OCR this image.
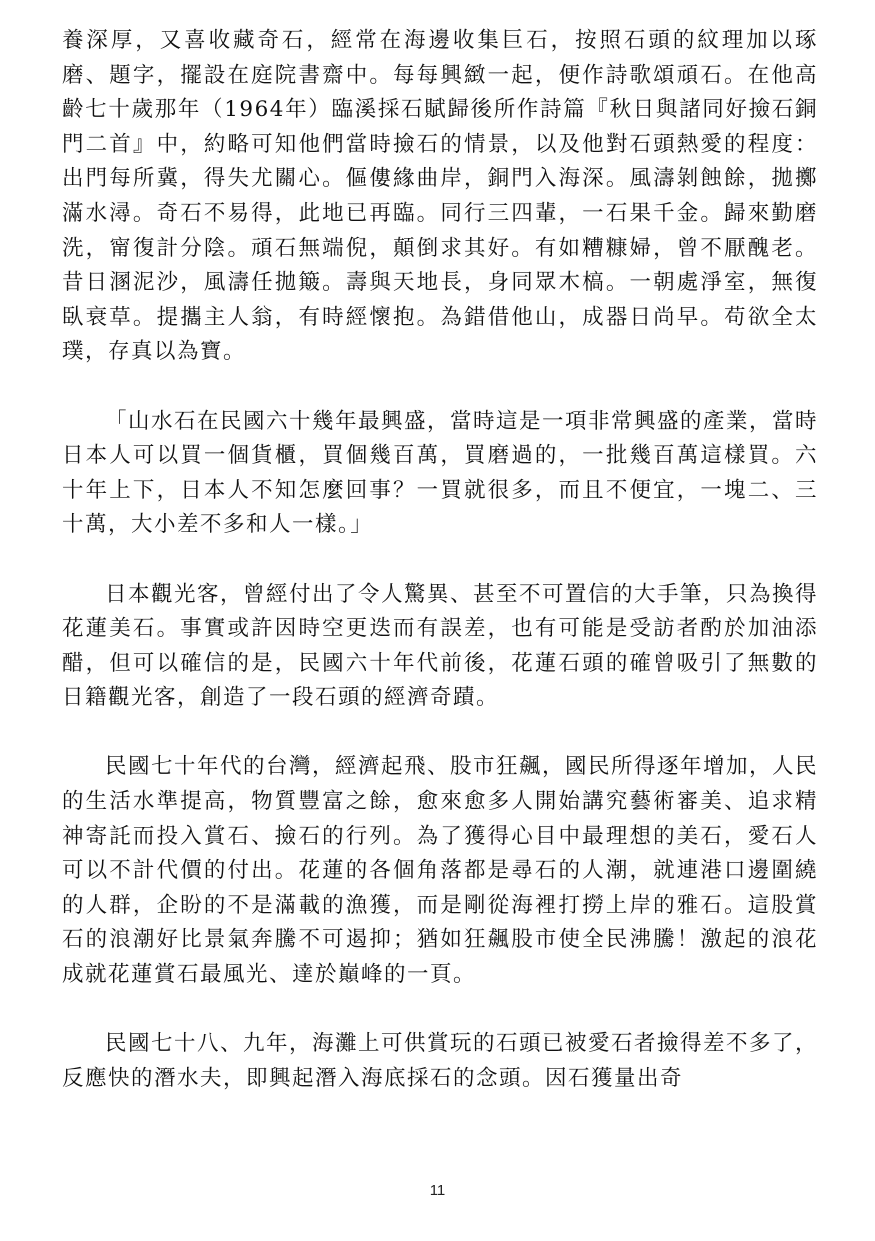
養深厚，又喜收藏奇石，經常在海邊收集巨石，按照石頭的紋理加以琢磨、題字，擺設在庭院書齋中。每每興緻一起，便作詩歌頌頑石。在他高齡七十歲那年（1964年）臨溪採石賦歸後所作詩篇『秋日與諸同好撿石銅門二首』中，約略可知他們當時撿石的情景，以及他對石頭熱愛的程度：出門每所冀，得失尤關心。傴僂緣曲岸，銅門入海深。風濤剝蝕餘，拋擲滿水潯。奇石不易得，此地已再臨。同行三四輩，一石果千金。歸來勤磨洗，甯復計分陰。頑石無端倪，顛倒求其好。有如糟糠婦，曾不厭醜老。昔日溷泥沙，風濤任拋簸。壽與天地長，身同眾木槁。一朝處淨室，無復臥衰草。提攜主人翁，有時經懷抱。為錯借他山，成器日尚早。苟欲全太璞，存真以為寶。

「山水石在民國六十幾年最興盛，當時這是一項非常興盛的產業，當時日本人可以買一個貨櫃，買個幾百萬，買磨過的，一批幾百萬這樣買。六十年上下，日本人不知怎麼回事？一買就很多，而且不便宜，一塊二、三十萬，大小差不多和人一樣。」

日本觀光客，曾經付出了令人驚異、甚至不可置信的大手筆，只為換得花蓮美石。事實或許因時空更迭而有誤差，也有可能是受訪者酌於加油添醋，但可以確信的是，民國六十年代前後，花蓮石頭的確曾吸引了無數的日籍觀光客，創造了一段石頭的經濟奇蹟。

民國七十年代的台灣，經濟起飛、股市狂飆，國民所得逐年增加，人民的生活水準提高，物質豐富之餘，愈來愈多人開始講究藝術審美、追求精神寄託而投入賞石、撿石的行列。為了獲得心目中最理想的美石，愛石人可以不計代價的付出。花蓮的各個角落都是尋石的人潮，就連港口邊圍繞的人群，企盼的不是滿載的漁獲，而是剛從海裡打撈上岸的雅石。這股賞石的浪潮好比景氣奔騰不可遏抑；猶如狂飆股市使全民沸騰！激起的浪花成就花蓮賞石最風光、達於巔峰的一頁。

民國七十八、九年，海灘上可供賞玩的石頭已被愛石者撿得差不多了，反應快的潛水夫，即興起潛入海底採石的念頭。因石獲量出奇

11
